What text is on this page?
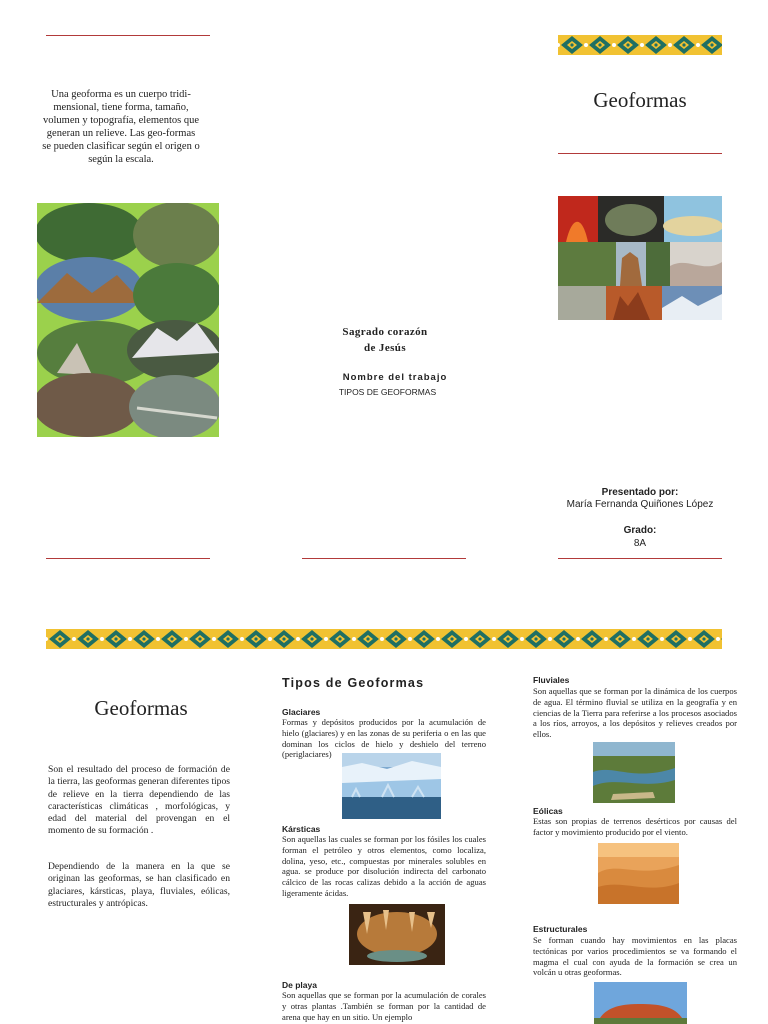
Una geoforma es un cuerpo tridi-mensional, tiene forma, tamaño, volumen y topografía, elementos que generan un relieve. Las geo-formas se pueden clasificar según el origen o según la escala.
Geoformas
Sagrado corazón
de Jesús
Nombre del trabajo
TIPOS DE GEOFORMAS
Presentado por:
María Fernanda Quiñones López
Grado:
8A
Geoformas
Son el resultado del proceso de formación de la tierra, las geoformas generan diferentes tipos de relieve en la tierra dependiendo de las características climáticas , morfológicas, y edad del material del provengan en el momento de su formación .
Dependiendo de la manera en la que se originan las geoformas, se han clasificado en glaciares, kársticas, playa, fluviales, eólicas, estructurales y antrópicas.
Tipos de Geoformas
Glaciares
Formas y depósitos producidos por la acumulación de hielo (glaciares) y en las zonas de su periferia o en las que dominan los ciclos de hielo y deshielo del terreno (periglaciares)
Kársticas
Son aquellas las cuales se forman por los fósiles los cuales forman el petróleo y otros elementos, como localiza, dolina, yeso, etc., compuestas por minerales solubles en agua. se produce por disolución indirecta del carbonato cálcico de las rocas calizas debido a la acción de aguas ligeramente ácidas.
De playa
Son aquellas que se forman por la acumulación de corales y otras plantas .También se forman por la cantidad de arena que hay en un sitio. Un ejemplo
Fluviales
Son aquellas que se forman por la dinámica de los cuerpos de agua. El término fluvial se utiliza en la geografía y en ciencias de la Tierra para referirse a los procesos asociados a los ríos, arroyos, a los depósitos y relieves creados por ellos.
Eólicas
Estas son propias de terrenos desérticos por causas del factor y movimiento producido por el viento.
Estructurales
Se forman cuando hay movimientos en las placas tectónicas por varios procedimientos se va formando el magma el cual con ayuda de la formación se crea un volcán u otras geoformas.
